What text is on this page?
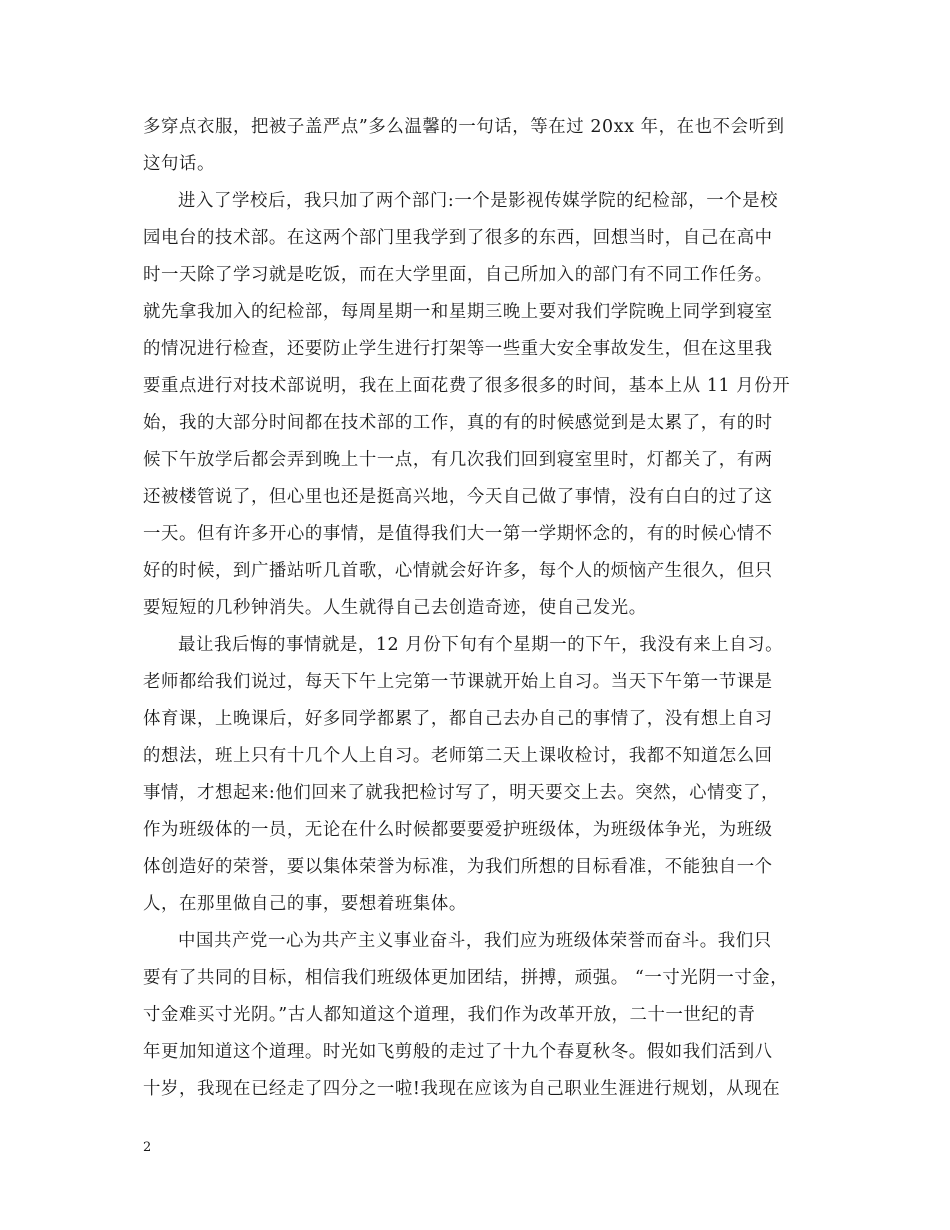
多穿点衣服，把被子盖严点”多么温馨的一句话，等在过 20xx 年，在也不会听到
这句话。
进入了学校后，我只加了两个部门:一个是影视传媒学院的纪检部，一个是校
园电台的技术部。在这两个部门里我学到了很多的东西，回想当时，自己在高中
时一天除了学习就是吃饭，而在大学里面，自己所加入的部门有不同工作任务。
就先拿我加入的纪检部，每周星期一和星期三晚上要对我们学院晚上同学到寝室
的情况进行检查，还要防止学生进行打架等一些重大安全事故发生，但在这里我
要重点进行对技术部说明，我在上面花费了很多很多的时间，基本上从 11 月份开
始，我的大部分时间都在技术部的工作，真的有的时候感觉到是太累了，有的时
候下午放学后都会弄到晚上十一点，有几次我们回到寝室里时，灯都关了，有两
还被楼管说了，但心里也还是挺高兴地，今天自己做了事情，没有白白的过了这
一天。但有许多开心的事情，是值得我们大一第一学期怀念的，有的时候心情不
好的时候，到广播站听几首歌，心情就会好许多，每个人的烦恼产生很久，但只
要短短的几秒钟消失。人生就得自己去创造奇迹，使自己发光。
最让我后悔的事情就是，12 月份下旬有个星期一的下午，我没有来上自习。
老师都给我们说过，每天下午上完第一节课就开始上自习。当天下午第一节课是
体育课，上晚课后，好多同学都累了，都自己去办自己的事情了，没有想上自习
的想法，班上只有十几个人上自习。老师第二天上课收检讨，我都不知道怎么回
事情，才想起来:他们回来了就我把检讨写了，明天要交上去。突然，心情变了，
作为班级体的一员，无论在什么时候都要要爱护班级体，为班级体争光，为班级
体创造好的荣誉，要以集体荣誉为标准，为我们所想的目标看准，不能独自一个
人，在那里做自己的事，要想着班集体。
中国共产党一心为共产主义事业奋斗，我们应为班级体荣誉而奋斗。我们只
要有了共同的目标，相信我们班级体更加团结，拼搏，顽强。 “一寸光阴一寸金，
寸金难买寸光阴。”古人都知道这个道理，我们作为改革开放，二十一世纪的青
年更加知道这个道理。时光如飞剪般的走过了十九个春夏秋冬。假如我们活到八
十岁，我现在已经走了四分之一啦!我现在应该为自己职业生涯进行规划，从现在
2
